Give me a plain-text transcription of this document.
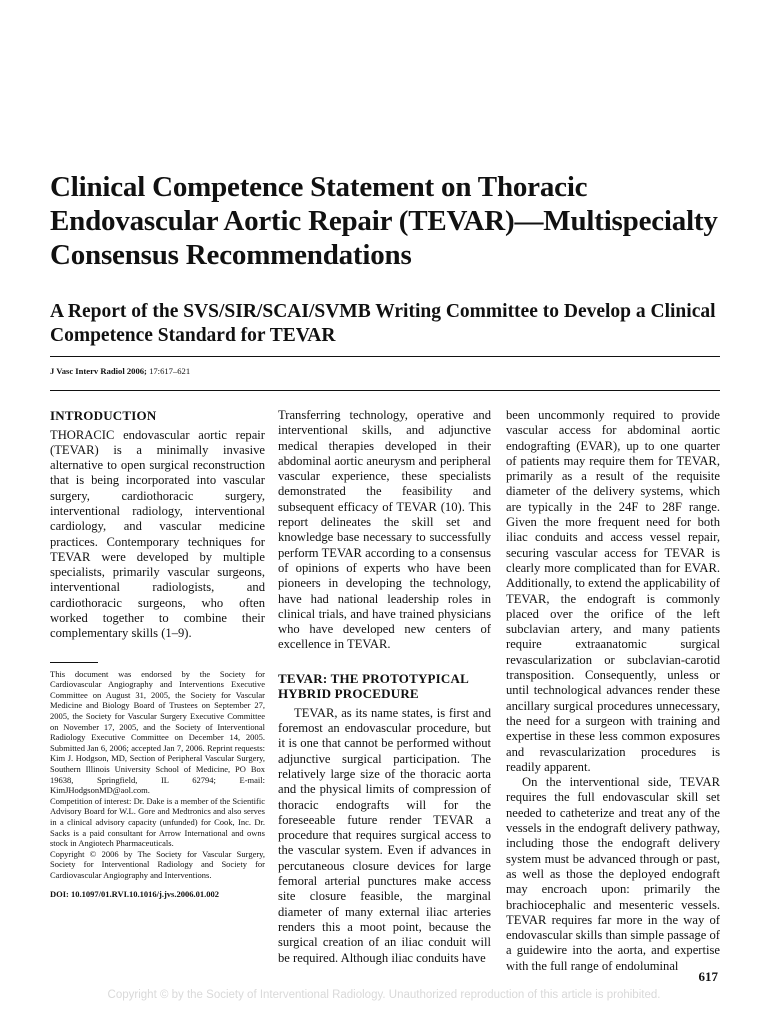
Clinical Competence Statement on Thoracic Endovascular Aortic Repair (TEVAR)—Multispecialty Consensus Recommendations
A Report of the SVS/SIR/SCAI/SVMB Writing Committee to Develop a Clinical Competence Standard for TEVAR
J Vasc Interv Radiol 2006; 17:617–621
INTRODUCTION

THORACIC endovascular aortic repair (TEVAR) is a minimally invasive alternative to open surgical reconstruction that is being incorporated into vascular surgery, cardiothoracic surgery, interventional radiology, interventional cardiology, and vascular medicine practices. Contemporary techniques for TEVAR were developed by multiple specialists, primarily vascular surgeons, interventional radiologists, and cardiothoracic surgeons, who often worked together to combine their complementary skills (1–9).

This document was endorsed by the Society for Cardiovascular Angiography and Interventions Executive Committee on August 31, 2005, the Society for Vascular Medicine and Biology Board of Trustees on September 27, 2005, the Society for Vascular Surgery Executive Committee on November 17, 2005, and the Society of Interventional Radiology Executive Committee on December 14, 2005. Submitted Jan 6, 2006; accepted Jan 7, 2006. Reprint requests: Kim J. Hodgson, MD, Section of Peripheral Vascular Surgery, Southern Illinois University School of Medicine, PO Box 19638, Springfield, IL 62794; E-mail: KimJHodgsonMD@aol.com.

Competition of interest: Dr. Dake is a member of the Scientific Advisory Board for W.L. Gore and Medtronics and also serves in a clinical advisory capacity (unfunded) for Cook, Inc. Dr. Sacks is a paid consultant for Arrow International and owns stock in Angiotech Pharmaceuticals.

Copyright © 2006 by The Society for Vascular Surgery, Society for Interventional Radiology and Society for Cardiovascular Angiography and Interventions.

DOI: 10.1097/01.RVI.10.1016/j.jvs.2006.01.002

Transferring technology, operative and interventional skills, and adjunctive medical therapies developed in their abdominal aortic aneurysm and peripheral vascular experience, these specialists demonstrated the feasibility and subsequent efficacy of TEVAR (10). This report delineates the skill set and knowledge base necessary to successfully perform TEVAR according to a consensus of opinions of experts who have been pioneers in developing the technology, have had national leadership roles in clinical trials, and have trained physicians who have developed new centers of excellence in TEVAR.

TEVAR: THE PROTOTYPICAL HYBRID PROCEDURE

TEVAR, as its name states, is first and foremost an endovascular procedure, but it is one that cannot be performed without adjunctive surgical participation. The relatively large size of the thoracic aorta and the physical limits of compression of thoracic endografts will for the foreseeable future render TEVAR a procedure that requires surgical access to the vascular system. Even if advances in percutaneous closure devices for large femoral arterial punctures make access site closure feasible, the marginal diameter of many external iliac arteries renders this a moot point, because the surgical creation of an iliac conduit will be required. Although iliac conduits have

been uncommonly required to provide vascular access for abdominal aortic endografting (EVAR), up to one quarter of patients may require them for TEVAR, primarily as a result of the requisite diameter of the delivery systems, which are typically in the 24F to 28F range. Given the more frequent need for both iliac conduits and access vessel repair, securing vascular access for TEVAR is clearly more complicated than for EVAR. Additionally, to extend the applicability of TEVAR, the endograft is commonly placed over the orifice of the left subclavian artery, and many patients require extraanatomic surgical revascularization or subclavian-carotid transposition. Consequently, unless or until technological advances render these ancillary surgical procedures unnecessary, the need for a surgeon with training and expertise in these less common exposures and revascularization procedures is readily apparent.

On the interventional side, TEVAR requires the full endovascular skill set needed to catheterize and treat any of the vessels in the endograft delivery pathway, including those the endograft delivery system must be advanced through or past, as well as those the deployed endograft may encroach upon: primarily the brachiocephalic and mesenteric vessels. TEVAR requires far more in the way of endovascular skills than simple passage of a guidewire into the aorta, and expertise with the full range of endoluminal

617
Copyright © by the Society of Interventional Radiology. Unauthorized reproduction of this article is prohibited.
